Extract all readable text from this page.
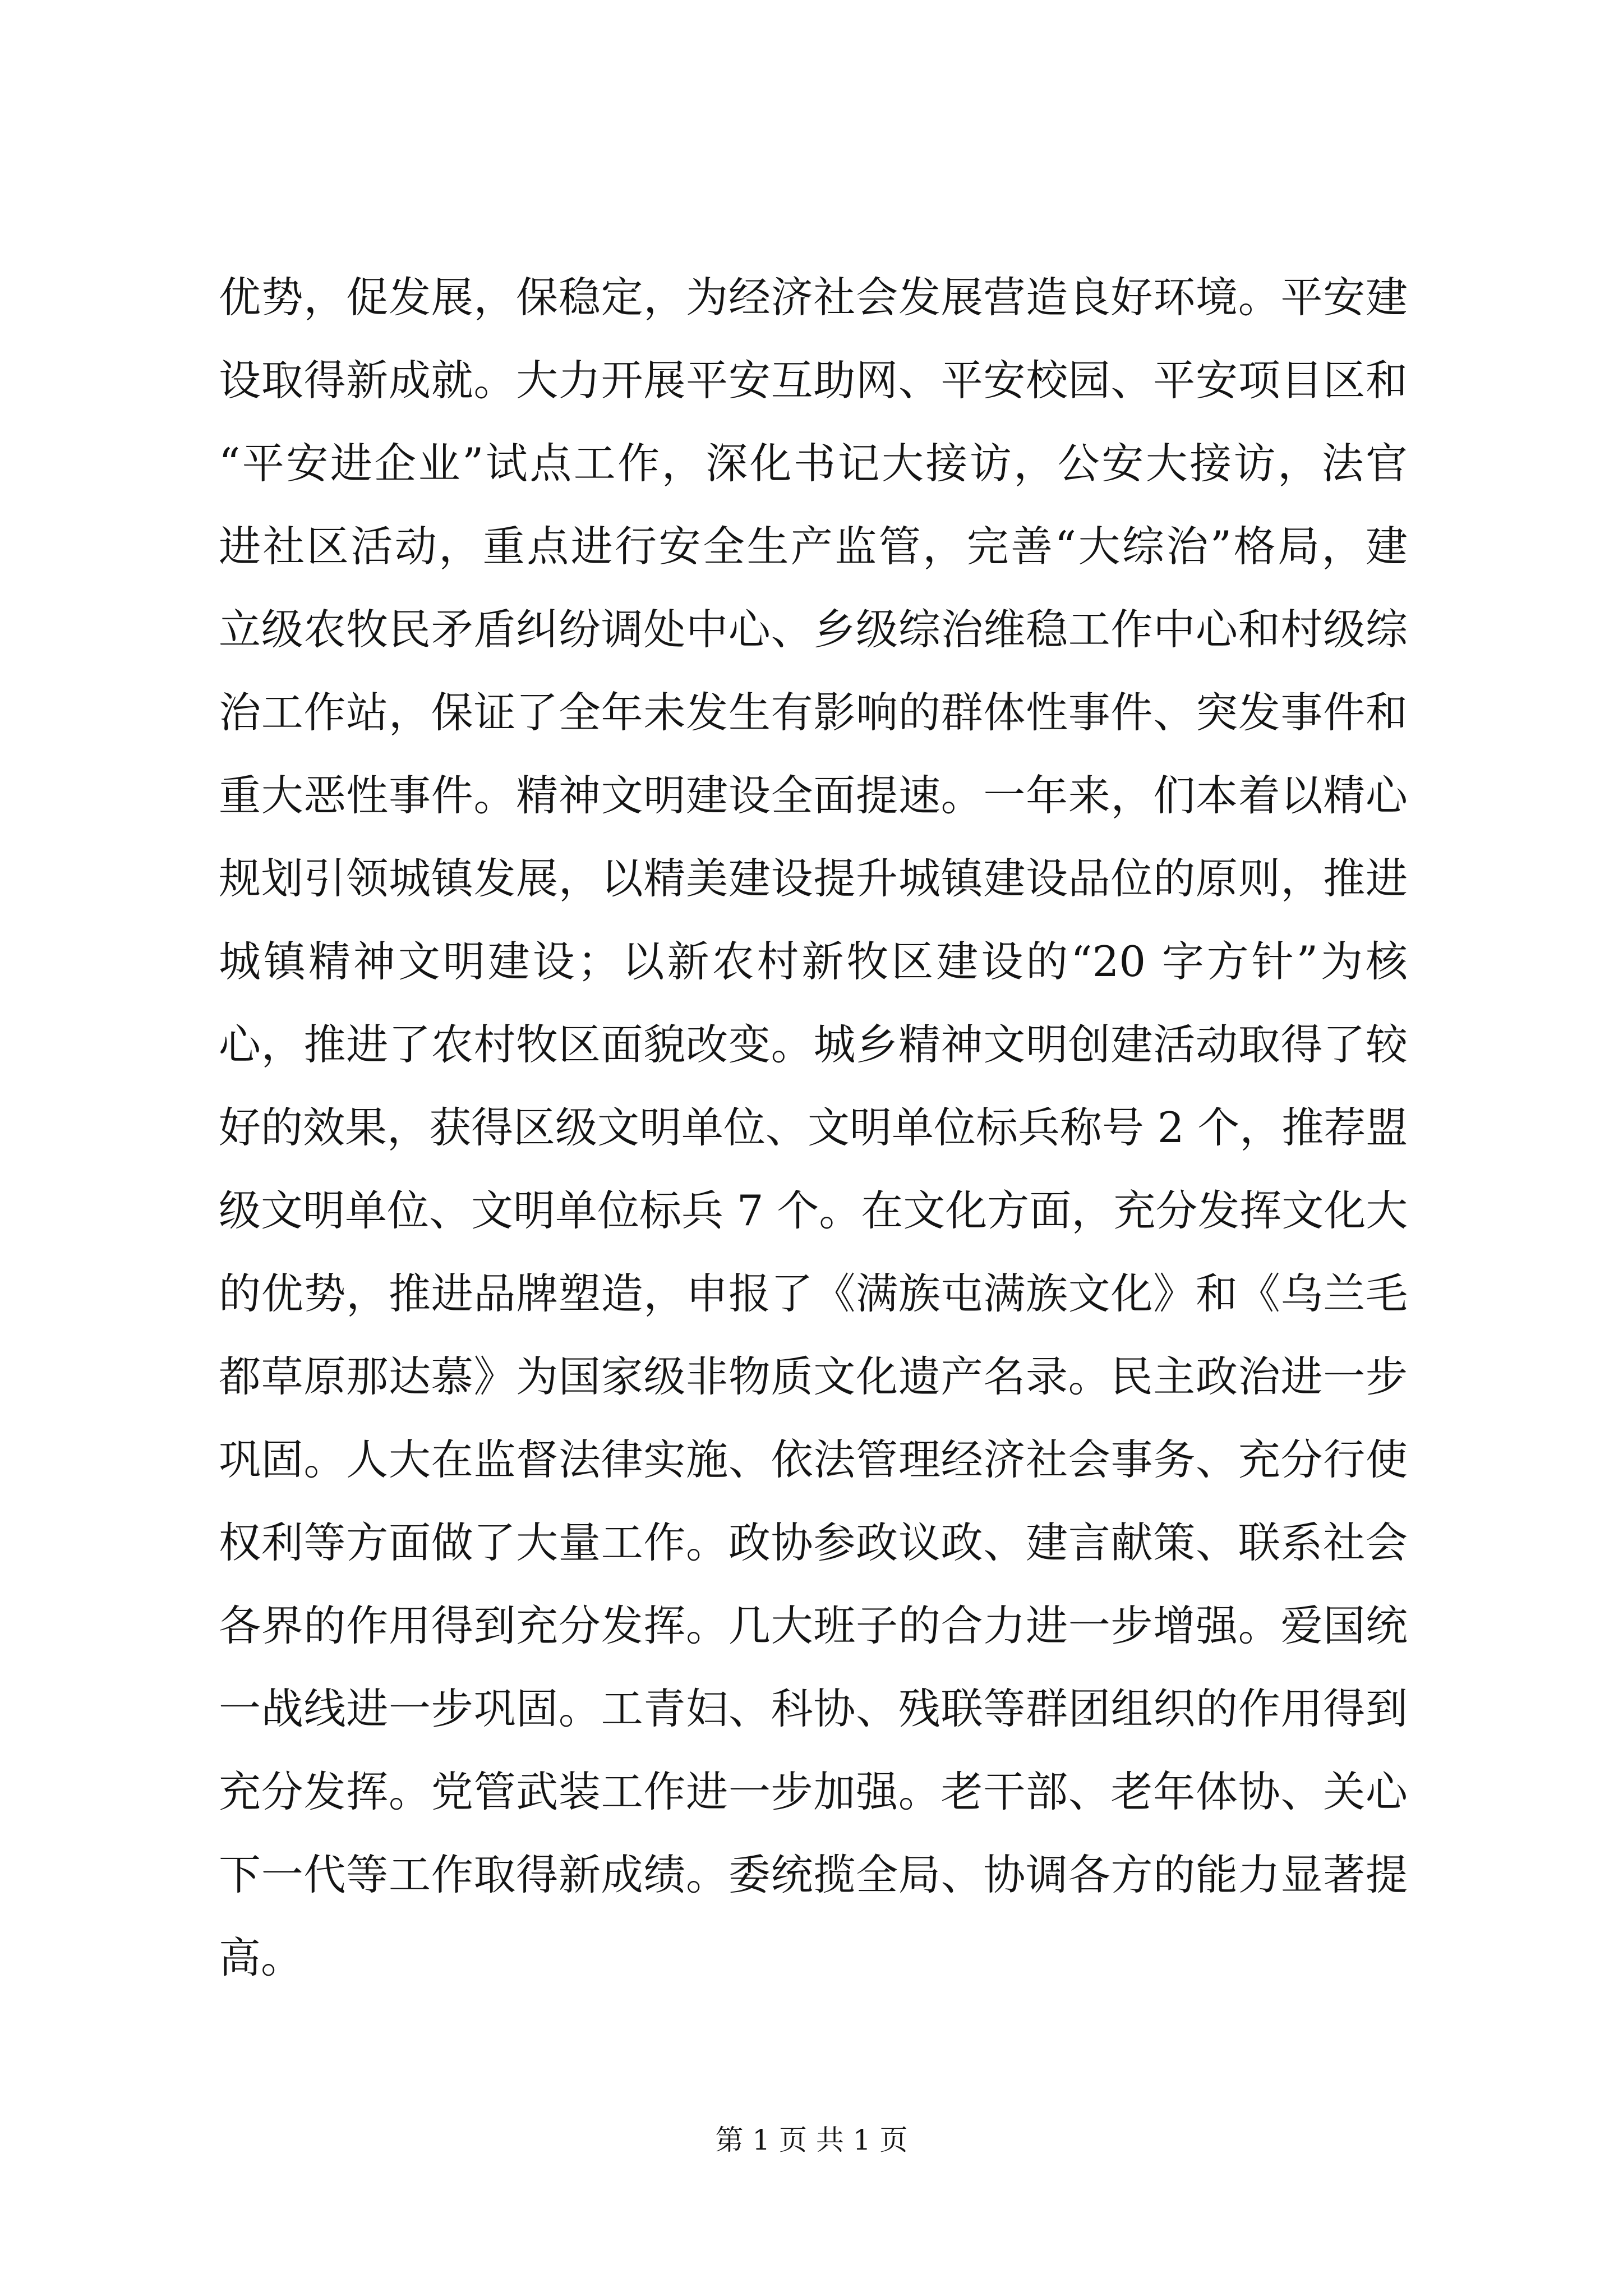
优势，促发展，保稳定，为经济社会发展营造良好环境。平安建
设取得新成就。大力开展平安互助网、平安校园、平安项目区和
“平安进企业”试点工作，深化书记大接访，公安大接访，法官
进社区活动，重点进行安全生产监管，完善“大综治”格局，建
立级农牧民矛盾纠纷调处中心、乡级综治维稳工作中心和村级综
治工作站，保证了全年未发生有影响的群体性事件、突发事件和
重大恶性事件。精神文明建设全面提速。一年来，们本着以精心
规划引领城镇发展，以精美建设提升城镇建设品位的原则，推进
城镇精神文明建设；以新农村新牧区建设的“20 字方针”为核
心，推进了农村牧区面貌改变。城乡精神文明创建活动取得了较
好的效果，获得区级文明单位、文明单位标兵称号 2 个，推荐盟
级文明单位、文明单位标兵 7 个。在文化方面，充分发挥文化大
的优势，推进品牌塑造，申报了《满族屯满族文化》和《乌兰毛
都草原那达慕》为国家级非物质文化遗产名录。民主政治进一步
巩固。人大在监督法律实施、依法管理经济社会事务、充分行使
权利等方面做了大量工作。政协参政议政、建言献策、联系社会
各界的作用得到充分发挥。几大班子的合力进一步增强。爱国统
一战线进一步巩固。工青妇、科协、残联等群团组织的作用得到
充分发挥。党管武装工作进一步加强。老干部、老年体协、关心
下一代等工作取得新成绩。委统揽全局、协调各方的能力显著提
高。
第 1 页 共 1 页
